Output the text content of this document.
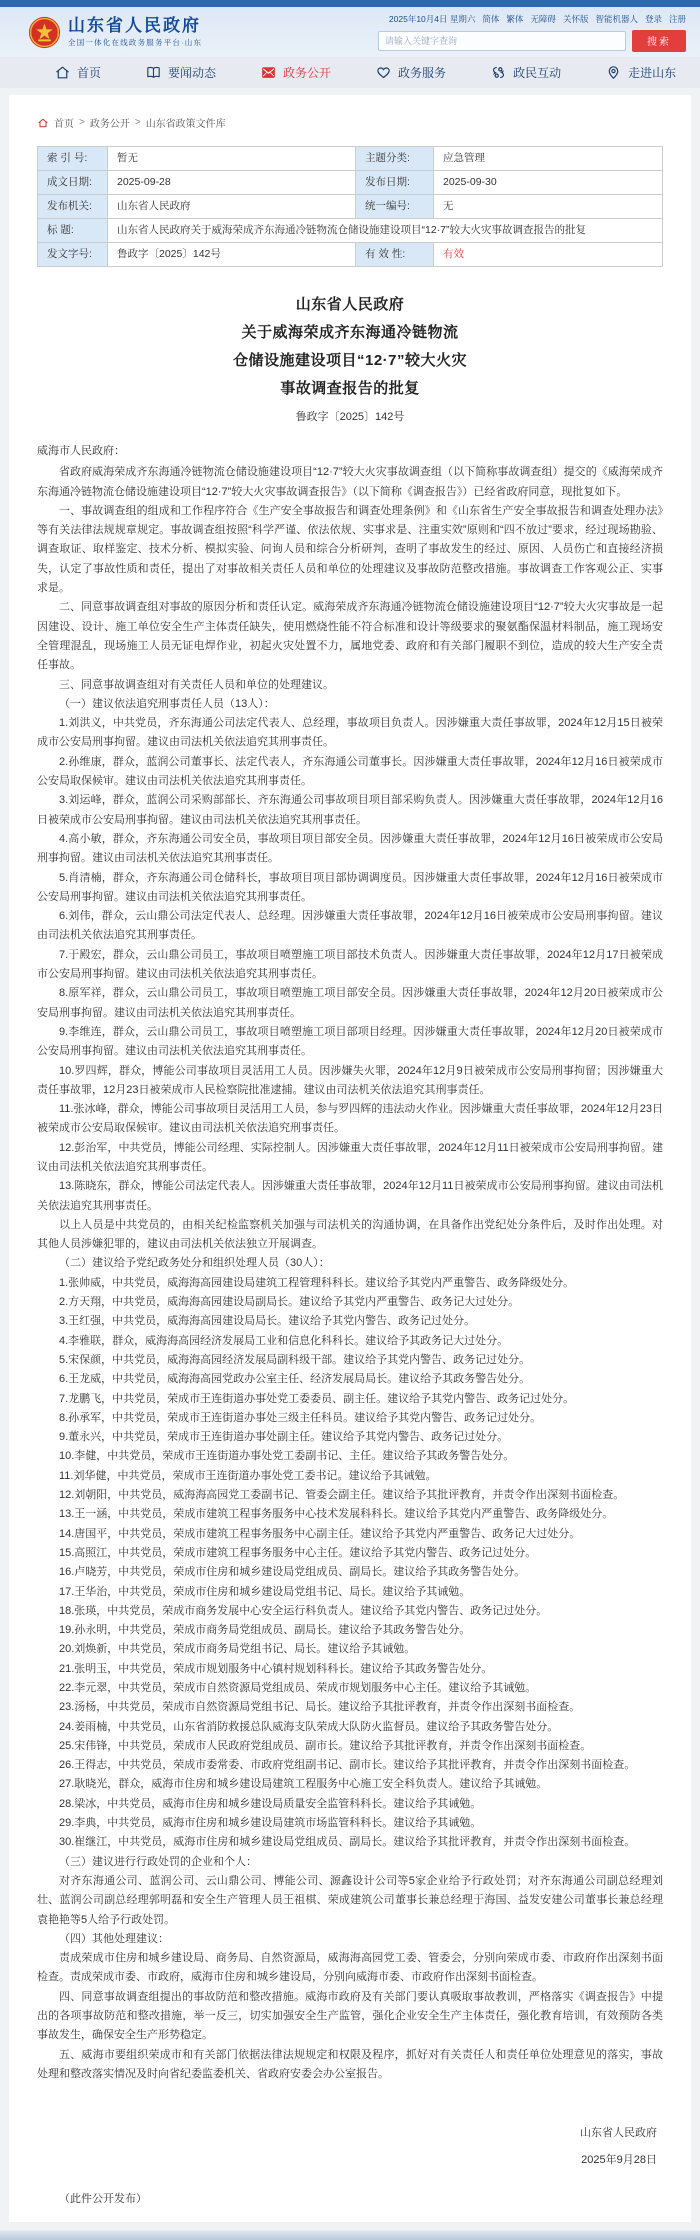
山东省人民政府
全国一体化在线政务服务平台·山东
2025年10月4日 星期六 简体 繁体 无障碍 关怀版 智能机器人 登录 注册
请输入关键字查询
搜索
首页	要闻动态	政务公开	政务服务	政民互动	走进山东
首页 > 政务公开 > 山东省政策文件库
索 引 号:	暂无	主题分类:	应急管理
成文日期:	2025-09-28	发布日期:	2025-09-30
发布机关:	山东省人民政府	统一编号:	无
标 题:	山东省人民政府关于威海荣成齐东海通冷链物流仓储设施建设项目“12·7”较大火灾事故调查报告的批复		
发文字号:	鲁政字〔2025〕142号	有 效 性:	有效
山东省人民政府
关于威海荣成齐东海通冷链物流
仓储设施建设项目“12·7”较大火灾
事故调查报告的批复
鲁政字〔2025〕142号

威海市人民政府：

省政府威海荣成齐东海通冷链物流仓储设施建设项目“12·7”较大火灾事故调查组（以下简称事故调查组）提交的《威海荣成齐东海通冷链物流仓储设施建设项目“12·7”较大火灾事故调查报告》（以下简称《调查报告》）已经省政府同意，现批复如下。

一、事故调查组的组成和工作程序符合《生产安全事故报告和调查处理条例》和《山东省生产安全事故报告和调查处理办法》等有关法律法规规章规定。事故调查组按照“科学严谨、依法依规、实事求是、注重实效”原则和“四不放过”要求，经过现场勘验、调查取证、取样鉴定、技术分析、模拟实验、问询人员和综合分析研判，查明了事故发生的经过、原因、人员伤亡和直接经济损失，认定了事故性质和责任，提出了对事故相关责任人员和单位的处理建议及事故防范整改措施。事故调查工作客观公正、实事求是。

二、同意事故调查组对事故的原因分析和责任认定。威海荣成齐东海通冷链物流仓储设施建设项目“12·7”较大火灾事故是一起因建设、设计、施工单位安全生产主体责任缺失，使用燃烧性能不符合标准和设计等级要求的聚氨酯保温材料制品，施工现场安全管理混乱，现场施工人员无证电焊作业，初起火灾处置不力，属地党委、政府和有关部门履职不到位，造成的较大生产安全责任事故。

三、同意事故调查组对有关责任人员和单位的处理建议。

（一）建议依法追究刑事责任人员（13人）：

1.刘洪义，中共党员，齐东海通公司法定代表人、总经理，事故项目负责人。因涉嫌重大责任事故罪，2024年12月15日被荣成市公安局刑事拘留。建议由司法机关依法追究其刑事责任。

2.孙维康，群众，蓝润公司董事长、法定代表人，齐东海通公司董事长。因涉嫌重大责任事故罪，2024年12月16日被荣成市公安局取保候审。建议由司法机关依法追究其刑事责任。

3.刘运峰，群众，蓝润公司采购部部长、齐东海通公司事故项目项目部采购负责人。因涉嫌重大责任事故罪，2024年12月16日被荣成市公安局刑事拘留。建议由司法机关依法追究其刑事责任。

4.高小敏，群众，齐东海通公司安全员，事故项目项目部安全员。因涉嫌重大责任事故罪，2024年12月16日被荣成市公安局刑事拘留。建议由司法机关依法追究其刑事责任。

5.肖清楠，群众，齐东海通公司仓储科长，事故项目项目部协调调度员。因涉嫌重大责任事故罪，2024年12月16日被荣成市公安局刑事拘留。建议由司法机关依法追究其刑事责任。

6.刘伟，群众，云山鼎公司法定代表人、总经理。因涉嫌重大责任事故罪，2024年12月16日被荣成市公安局刑事拘留。建议由司法机关依法追究其刑事责任。

7.于殿宏，群众，云山鼎公司员工，事故项目喷塑施工项目部技术负责人。因涉嫌重大责任事故罪，2024年12月17日被荣成市公安局刑事拘留。建议由司法机关依法追究其刑事责任。

8.原军祥，群众，云山鼎公司员工，事故项目喷塑施工项目部安全员。因涉嫌重大责任事故罪，2024年12月20日被荣成市公安局刑事拘留。建议由司法机关依法追究其刑事责任。

9.李维连，群众，云山鼎公司员工，事故项目喷塑施工项目部项目经理。因涉嫌重大责任事故罪，2024年12月20日被荣成市公安局刑事拘留。建议由司法机关依法追究其刑事责任。

10.罗四辉，群众，博能公司事故项目灵活用工人员。因涉嫌失火罪，2024年12月9日被荣成市公安局刑事拘留；因涉嫌重大责任事故罪，12月23日被荣成市人民检察院批准逮捕。建议由司法机关依法追究其刑事责任。

11.张冰峰，群众，博能公司事故项目灵活用工人员，参与罗四辉的违法动火作业。因涉嫌重大责任事故罪，2024年12月23日被荣成市公安局取保候审。建议由司法机关依法追究刑事责任。

12.彭治军，中共党员，博能公司经理、实际控制人。因涉嫌重大责任事故罪，2024年12月11日被荣成市公安局刑事拘留。建议由司法机关依法追究其刑事责任。

13.陈晓东，群众，博能公司法定代表人。因涉嫌重大责任事故罪，2024年12月11日被荣成市公安局刑事拘留。建议由司法机关依法追究其刑事责任。

以上人员是中共党员的，由相关纪检监察机关加强与司法机关的沟通协调，在具备作出党纪处分条件后，及时作出处理。对其他人员涉嫌犯罪的，建议由司法机关依法独立开展调查。

（二）建议给予党纪政务处分和组织处理人员（30人）：

1.张帅威，中共党员，威海海高园建设局建筑工程管理科科长。建议给予其党内严重警告、政务降级处分。

2.方天翔，中共党员，威海海高园建设局副局长。建议给予其党内严重警告、政务记大过处分。

3.王红强，中共党员，威海海高园建设局局长。建议给予其党内警告、政务记过处分。

4.李雅联，群众，威海海高园经济发展局工业和信息化科科长。建议给予其政务记大过处分。

5.宋保颜，中共党员，威海海高园经济发展局副科级干部。建议给予其党内警告、政务记过处分。

6.王龙威，中共党员，威海海高园党政办公室主任、经济发展局局长。建议给予其政务警告处分。

7.龙鹏飞，中共党员，荣成市王连街道办事处党工委委员、副主任。建议给予其党内警告、政务记过处分。

8.孙承军，中共党员，荣成市王连街道办事处三级主任科员。建议给予其党内警告、政务记过处分。

9.董永兴，中共党员，荣成市王连街道办事处副主任。建议给予其党内警告、政务记过处分。

10.李健，中共党员，荣成市王连街道办事处党工委副书记、主任。建议给予其政务警告处分。

11.刘华健，中共党员，荣成市王连街道办事处党工委书记。建议给予其诫勉。

12.刘朝阳，中共党员，威海海高园党工委副书记、管委会副主任。建议给予其批评教育，并责令作出深刻书面检查。

13.王一涵，中共党员，荣成市建筑工程事务服务中心技术发展科科长。建议给予其党内严重警告、政务降级处分。

14.唐国平，中共党员，荣成市建筑工程事务服务中心副主任。建议给予其党内严重警告、政务记大过处分。

15.高照江，中共党员，荣成市建筑工程事务服务中心主任。建议给予其党内警告、政务记过处分。

16.卢晓芳，中共党员，荣成市住房和城乡建设局党组成员、副局长。建议给予其政务警告处分。

17.王华治，中共党员，荣成市住房和城乡建设局党组书记、局长。建议给予其诫勉。

18.张瑛，中共党员，荣成市商务发展中心安全运行科负责人。建议给予其党内警告、政务记过处分。

19.孙永明，中共党员，荣成市商务局党组成员、副局长。建议给予其政务警告处分。

20.刘焕新，中共党员，荣成市商务局党组书记、局长。建议给予其诫勉。

21.张明玉，中共党员，荣成市规划服务中心镇村规划科科长。建议给予其政务警告处分。

22.李元翠，中共党员，荣成市自然资源局党组成员、荣成市规划服务中心主任。建议给予其诫勉。

23.汤杨，中共党员，荣成市自然资源局党组书记、局长。建议给予其批评教育，并责令作出深刻书面检查。

24.姜雨楠，中共党员，山东省消防救援总队威海支队荣成大队防火监督员。建议给予其政务警告处分。

25.宋伟锋，中共党员，荣成市人民政府党组成员、副市长。建议给予其批评教育，并责令作出深刻书面检查。

26.王得志，中共党员，荣成市委常委、市政府党组副书记、副市长。建议给予其批评教育，并责令作出深刻书面检查。

27.耿晓光，群众，威海市住房和城乡建设局建筑工程服务中心施工安全科负责人。建议给予其诫勉。

28.梁冰，中共党员，威海市住房和城乡建设局质量安全监管科科长。建议给予其诫勉。

29.李典，中共党员，威海市住房和城乡建设局建筑市场监管科科长。建议给予其诫勉。

30.崔继江，中共党员，威海市住房和城乡建设局党组成员、副局长。建议给予其批评教育，并责令作出深刻书面检查。

（三）建议进行行政处罚的企业和个人：

对齐东海通公司、蓝润公司、云山鼎公司、博能公司、源鑫设计公司等5家企业给予行政处罚；对齐东海通公司副总经理刘壮、蓝润公司副总经理郭明磊和安全生产管理人员王祖棋、荣成建筑公司董事长兼总经理于海国、益发安建公司董事长兼总经理袁艳艳等5人给予行政处罚。

（四）其他处理建议：

责成荣成市住房和城乡建设局、商务局、自然资源局，威海海高园党工委、管委会，分别向荣成市委、市政府作出深刻书面检查。责成荣成市委、市政府，威海市住房和城乡建设局，分别向威海市委、市政府作出深刻书面检查。

四、同意事故调查组提出的事故防范和整改措施。威海市政府及有关部门要认真吸取事故教训，严格落实《调查报告》中提出的各项事故防范和整改措施，举一反三，切实加强安全生产监管，强化企业安全生产主体责任，强化教育培训，有效预防各类事故发生，确保安全生产形势稳定。

五、威海市要组织荣成市和有关部门依据法律法规规定和权限及程序，抓好对有关责任人和责任单位处理意见的落实，事故处理和整改落实情况及时向省纪委监委机关、省政府安委会办公室报告。

山东省人民政府
2025年9月28日
（此件公开发布）
